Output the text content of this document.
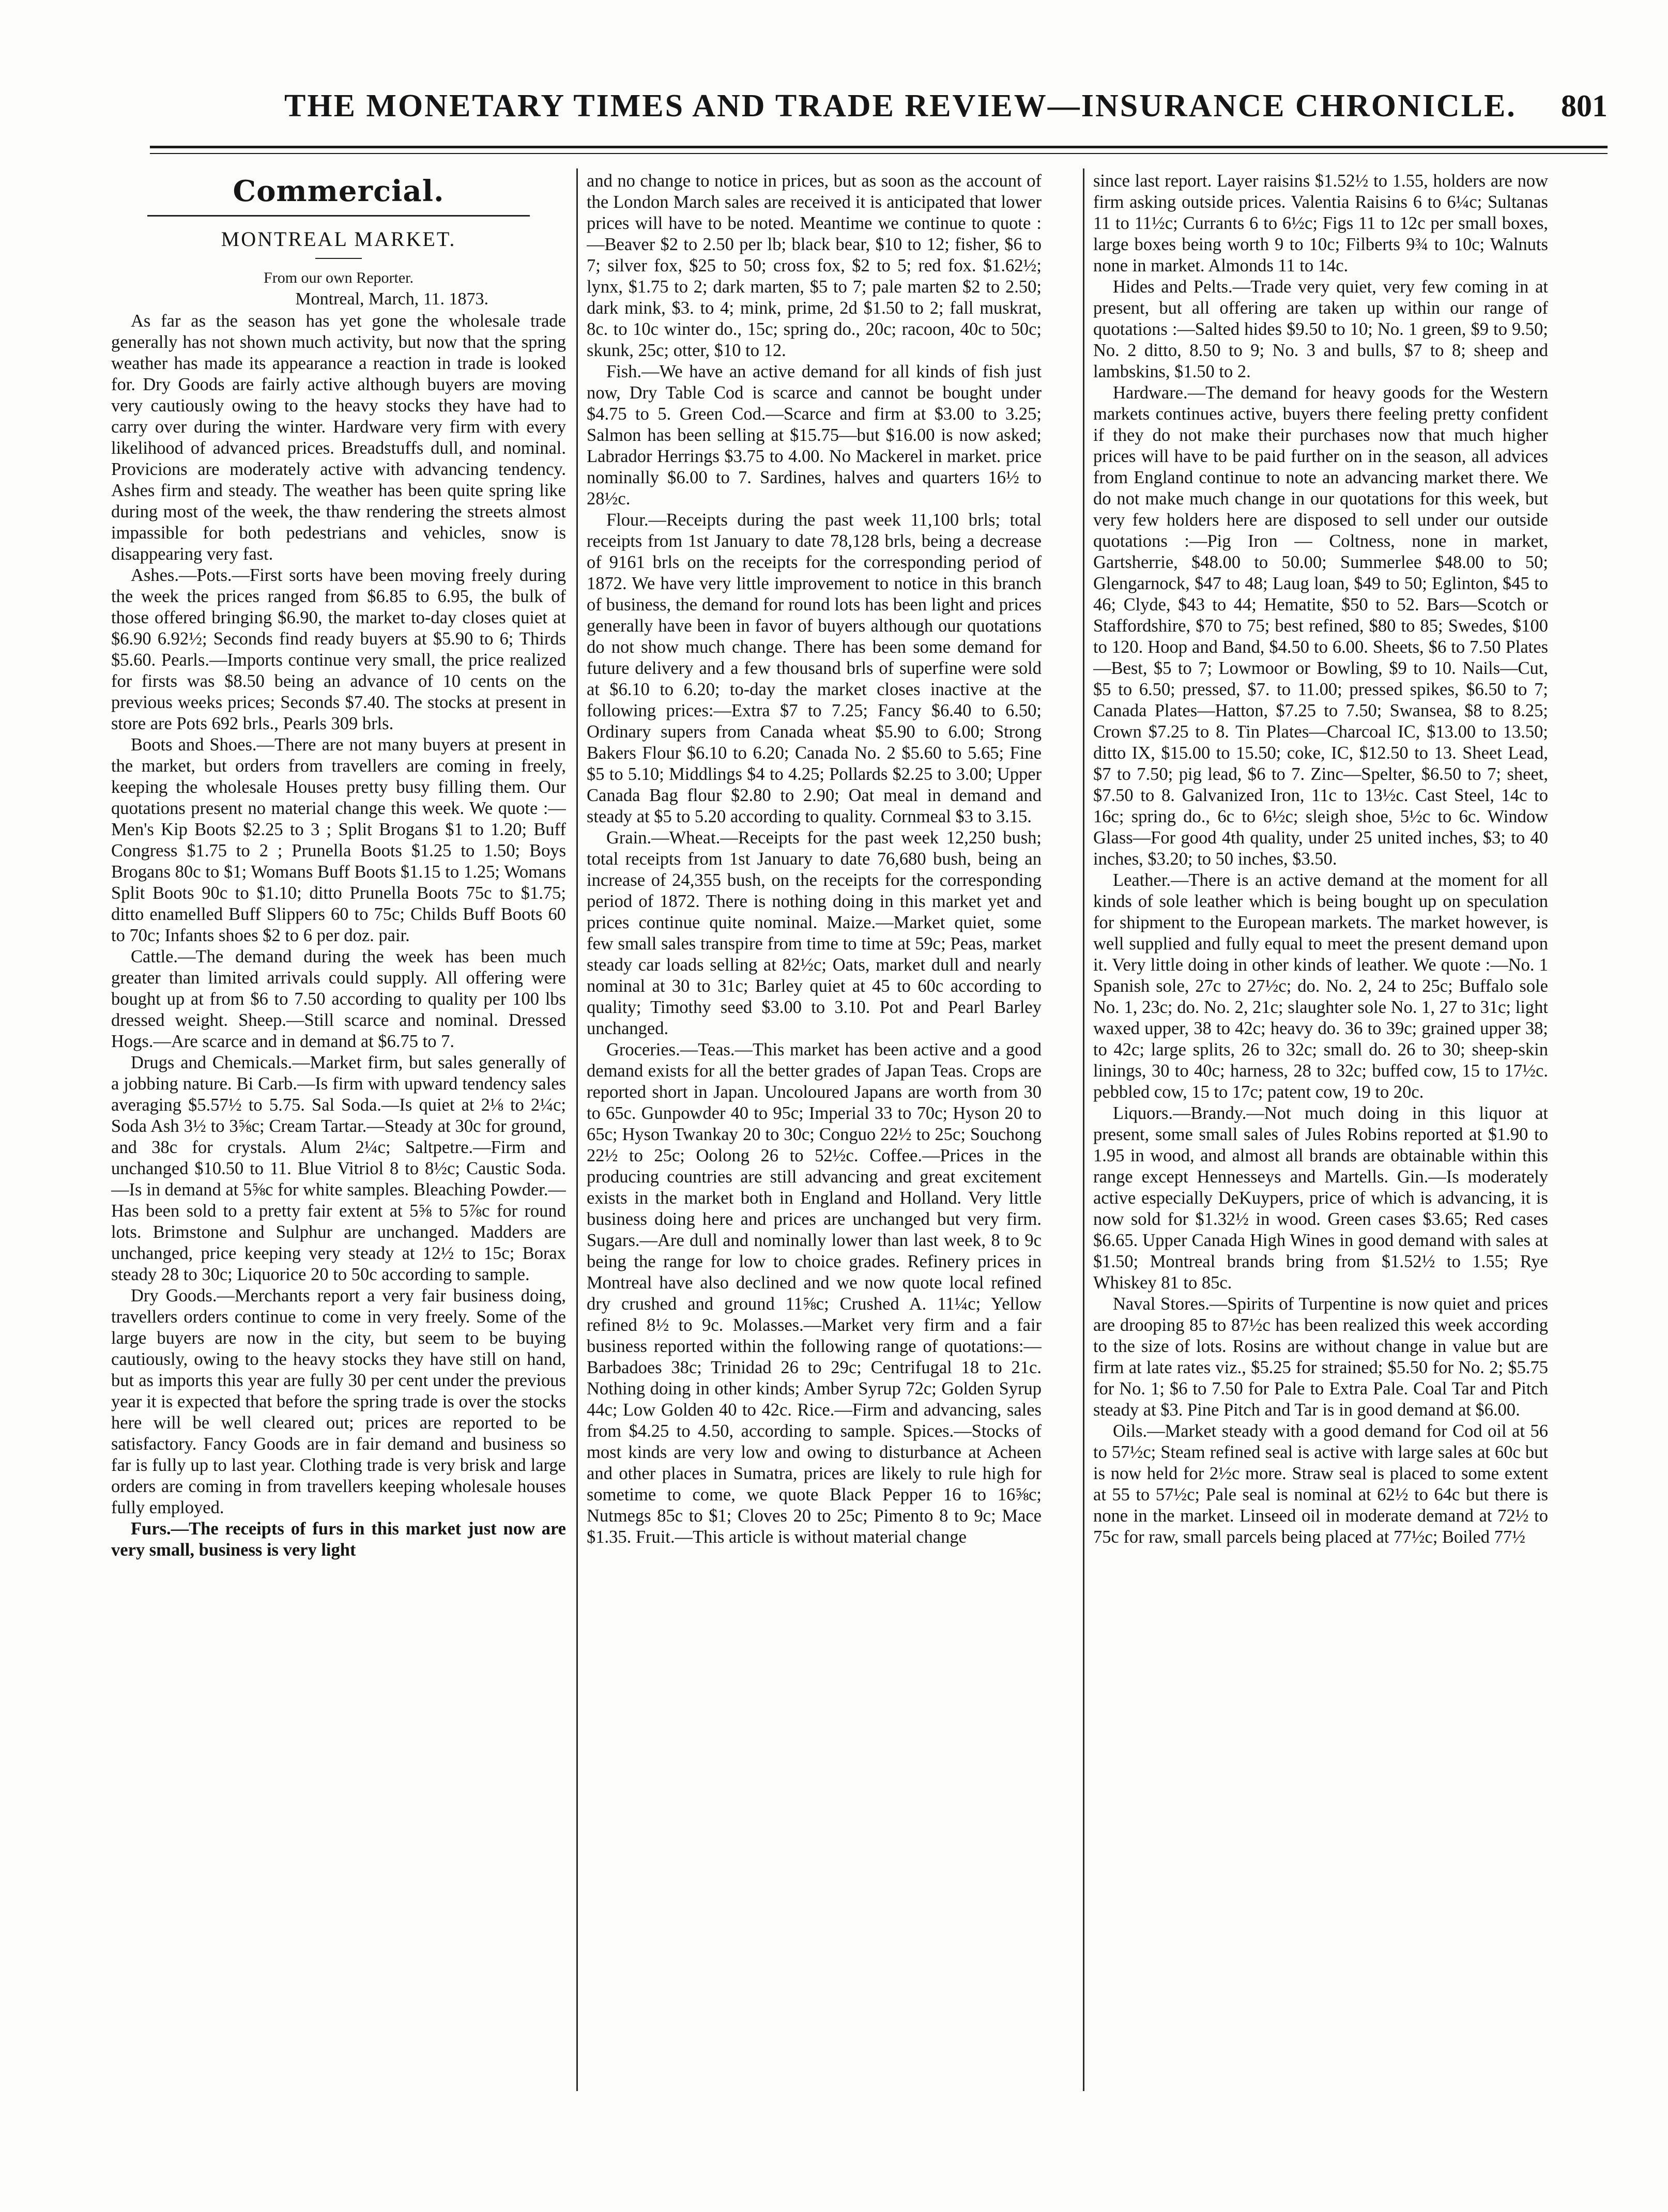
THE MONETARY TIMES AND TRADE REVIEW—INSURANCE CHRONICLE. 801
Commercial.
MONTREAL MARKET.
From our own Reporter.
Montreal, March, 11. 1873.

As far as the season has yet gone the wholesale trade generally has not shown much activity, but now that the spring weather has made its appearance a reaction in trade is looked for. Dry Goods are fairly active although buyers are moving very cautiously owing to the heavy stocks they have had to carry over during the winter. Hardware very firm with every likelihood of advanced prices. Breadstuffs dull, and nominal. Provicions are moderately active with advancing tendency. Ashes firm and steady. The weather has been quite spring like during most of the week, the thaw rendering the streets almost impassible for both pedestrians and vehicles, snow is disappearing very fast.

Ashes.—Pots.—First sorts have been moving freely during the week the prices ranged from $6.85 to 6.95, the bulk of those offered bringing $6.90, the market to-day closes quiet at $6.90 6.92½; Seconds find ready buyers at $5.90 to 6; Thirds $5.60. Pearls.—Imports continue very small, the price realized for firsts was $8.50 being an advance of 10 cents on the previous weeks prices; Seconds $7.40. The stocks at present in store are Pots 692 brls., Pearls 309 brls.

Boots and Shoes.—There are not many buyers at present in the market, but orders from travellers are coming in freely, keeping the wholesale Houses pretty busy filling them. Our quotations present no material change this week. We quote :—Men's Kip Boots $2.25 to 3 ; Split Brogans $1 to 1.20; Buff Congress $1.75 to 2 ; Prunella Boots $1.25 to 1.50; Boys Brogans 80c to $1; Womans Buff Boots $1.15 to 1.25; Womans Split Boots 90c to $1.10; ditto Prunella Boots 75c to $1.75; ditto enamelled Buff Slippers 60 to 75c; Childs Buff Boots 60 to 70c; Infants shoes $2 to 6 per doz. pair.

Cattle.—The demand during the week has been much greater than limited arrivals could supply. All offering were bought up at from $6 to 7.50 according to quality per 100 lbs dressed weight. Sheep.—Still scarce and nominal. Dressed Hogs.—Are scarce and in demand at $6.75 to 7.

Drugs and Chemicals.—Market firm, but sales generally of a jobbing nature. Bi Carb.—Is firm with upward tendency sales averaging $5.57½ to 5.75. Sal Soda.—Is quiet at 2⅛ to 2¼c; Soda Ash 3½ to 3⅝c; Cream Tartar.—Steady at 30c for ground, and 38c for crystals. Alum 2¼c; Saltpetre.—Firm and unchanged $10.50 to 11. Blue Vitriol 8 to 8½c; Caustic Soda.—Is in demand at 5⅝c for white samples. Bleaching Powder.—Has been sold to a pretty fair extent at 5⅝ to 5⅞c for round lots. Brimstone and Sulphur are unchanged. Madders are unchanged, price keeping very steady at 12½ to 15c; Borax steady 28 to 30c; Liquorice 20 to 50c according to sample.

Dry Goods.—Merchants report a very fair business doing, travellers orders continue to come in very freely. Some of the large buyers are now in the city, but seem to be buying cautiously, owing to the heavy stocks they have still on hand, but as imports this year are fully 30 per cent under the previous year it is expected that before the spring trade is over the stocks here will be well cleared out; prices are reported to be satisfactory. Fancy Goods are in fair demand and business so far is fully up to last year. Clothing trade is very brisk and large orders are coming in from travellers keeping wholesale houses fully employed.

Furs.—The receipts of furs in this market just now are very small, business is very light

and no change to notice in prices, but as soon as the account of the London March sales are received it is anticipated that lower prices will have to be noted. Meantime we continue to quote :—Beaver $2 to 2.50 per lb; black bear, $10 to 12; fisher, $6 to 7; silver fox, $25 to 50; cross fox, $2 to 5; red fox. $1.62½; lynx, $1.75 to 2; dark marten, $5 to 7; pale marten $2 to 2.50; dark mink, $3. to 4; mink, prime, 2d $1.50 to 2; fall muskrat, 8c. to 10c winter do., 15c; spring do., 20c; racoon, 40c to 50c; skunk, 25c; otter, $10 to 12.

Fish.—We have an active demand for all kinds of fish just now, Dry Table Cod is scarce and cannot be bought under $4.75 to 5. Green Cod.—Scarce and firm at $3.00 to 3.25; Salmon has been selling at $15.75—but $16.00 is now asked; Labrador Herrings $3.75 to 4.00. No Mackerel in market. price nominally $6.00 to 7. Sardines, halves and quarters 16½ to 28½c.

Flour.—Receipts during the past week 11,100 brls; total receipts from 1st January to date 78,128 brls, being a decrease of 9161 brls on the receipts for the corresponding period of 1872. We have very little improvement to notice in this branch of business, the demand for round lots has been light and prices generally have been in favor of buyers although our quotations do not show much change. There has been some demand for future delivery and a few thousand brls of superfine were sold at $6.10 to 6.20; to-day the market closes inactive at the following prices:—Extra $7 to 7.25; Fancy $6.40 to 6.50; Ordinary supers from Canada wheat $5.90 to 6.00; Strong Bakers Flour $6.10 to 6.20; Canada No. 2 $5.60 to 5.65; Fine $5 to 5.10; Middlings $4 to 4.25; Pollards $2.25 to 3.00; Upper Canada Bag flour $2.80 to 2.90; Oat meal in demand and steady at $5 to 5.20 according to quality. Cornmeal $3 to 3.15.

Grain.—Wheat.—Receipts for the past week 12,250 bush; total receipts from 1st January to date 76,680 bush, being an increase of 24,355 bush, on the receipts for the corresponding period of 1872. There is nothing doing in this market yet and prices continue quite nominal. Maize.—Market quiet, some few small sales transpire from time to time at 59c; Peas, market steady car loads selling at 82½c; Oats, market dull and nearly nominal at 30 to 31c; Barley quiet at 45 to 60c according to quality; Timothy seed $3.00 to 3.10. Pot and Pearl Barley unchanged.

Groceries.—Teas.—This market has been active and a good demand exists for all the better grades of Japan Teas. Crops are reported short in Japan. Uncoloured Japans are worth from 30 to 65c. Gunpowder 40 to 95c; Imperial 33 to 70c; Hyson 20 to 65c; Hyson Twankay 20 to 30c; Conguo 22½ to 25c; Souchong 22½ to 25c; Oolong 26 to 52½c. Coffee.—Prices in the producing countries are still advancing and great excitement exists in the market both in England and Holland. Very little business doing here and prices are unchanged but very firm. Sugars.—Are dull and nominally lower than last week, 8 to 9c being the range for low to choice grades. Refinery prices in Montreal have also declined and we now quote local refined dry crushed and ground 11⅝c; Crushed A. 11¼c; Yellow refined 8½ to 9c. Molasses.—Market very firm and a fair business reported within the following range of quotations:—Barbadoes 38c; Trinidad 26 to 29c; Centrifugal 18 to 21c. Nothing doing in other kinds; Amber Syrup 72c; Golden Syrup 44c; Low Golden 40 to 42c. Rice.—Firm and advancing, sales from $4.25 to 4.50, according to sample. Spices.—Stocks of most kinds are very low and owing to disturbance at Acheen and other places in Sumatra, prices are likely to rule high for sometime to come, we quote Black Pepper 16 to 16⅝c; Nutmegs 85c to $1; Cloves 20 to 25c; Pimento 8 to 9c; Mace $1.35. Fruit.—This article is without material change

since last report. Layer raisins $1.52½ to 1.55, holders are now firm asking outside prices. Valentia Raisins 6 to 6¼c; Sultanas 11 to 11½c; Currants 6 to 6½c; Figs 11 to 12c per small boxes, large boxes being worth 9 to 10c; Filberts 9¾ to 10c; Walnuts none in market. Almonds 11 to 14c.

Hides and Pelts.—Trade very quiet, very few coming in at present, but all offering are taken up within our range of quotations :—Salted hides $9.50 to 10; No. 1 green, $9 to 9.50; No. 2 ditto, 8.50 to 9; No. 3 and bulls, $7 to 8; sheep and lambskins, $1.50 to 2.

Hardware.—The demand for heavy goods for the Western markets continues active, buyers there feeling pretty confident if they do not make their purchases now that much higher prices will have to be paid further on in the season, all advices from England continue to note an advancing market there. We do not make much change in our quotations for this week, but very few holders here are disposed to sell under our outside quotations :—Pig Iron — Coltness, none in market, Gartsherrie, $48.00 to 50.00; Summerlee $48.00 to 50; Glengarnock, $47 to 48; Laug loan, $49 to 50; Eglinton, $45 to 46; Clyde, $43 to 44; Hematite, $50 to 52. Bars—Scotch or Staffordshire, $70 to 75; best refined, $80 to 85; Swedes, $100 to 120. Hoop and Band, $4.50 to 6.00. Sheets, $6 to 7.50 Plates—Best, $5 to 7; Lowmoor or Bowling, $9 to 10. Nails—Cut, $5 to 6.50; pressed, $7. to 11.00; pressed spikes, $6.50 to 7; Canada Plates—Hatton, $7.25 to 7.50; Swansea, $8 to 8.25; Crown $7.25 to 8. Tin Plates—Charcoal IC, $13.00 to 13.50; ditto IX, $15.00 to 15.50; coke, IC, $12.50 to 13. Sheet Lead, $7 to 7.50; pig lead, $6 to 7. Zinc—Spelter, $6.50 to 7; sheet, $7.50 to 8. Galvanized Iron, 11c to 13½c. Cast Steel, 14c to 16c; spring do., 6c to 6½c; sleigh shoe, 5½c to 6c. Window Glass—For good 4th quality, under 25 united inches, $3; to 40 inches, $3.20; to 50 inches, $3.50.

Leather.—There is an active demand at the moment for all kinds of sole leather which is being bought up on speculation for shipment to the European markets. The market however, is well supplied and fully equal to meet the present demand upon it. Very little doing in other kinds of leather. We quote :—No. 1 Spanish sole, 27c to 27½c; do. No. 2, 24 to 25c; Buffalo sole No. 1, 23c; do. No. 2, 21c; slaughter sole No. 1, 27 to 31c; light waxed upper, 38 to 42c; heavy do. 36 to 39c; grained upper 38; to 42c; large splits, 26 to 32c; small do. 26 to 30; sheep-skin linings, 30 to 40c; harness, 28 to 32c; buffed cow, 15 to 17½c. pebbled cow, 15 to 17c; patent cow, 19 to 20c.

Liquors.—Brandy.—Not much doing in this liquor at present, some small sales of Jules Robins reported at $1.90 to 1.95 in wood, and almost all brands are obtainable within this range except Hennesseys and Martells. Gin.—Is moderately active especially DeKuypers, price of which is advancing, it is now sold for $1.32½ in wood. Green cases $3.65; Red cases $6.65. Upper Canada High Wines in good demand with sales at $1.50; Montreal brands bring from $1.52½ to 1.55; Rye Whiskey 81 to 85c.

Naval Stores.—Spirits of Turpentine is now quiet and prices are drooping 85 to 87½c has been realized this week according to the size of lots. Rosins are without change in value but are firm at late rates viz., $5.25 for strained; $5.50 for No. 2; $5.75 for No. 1; $6 to 7.50 for Pale to Extra Pale. Coal Tar and Pitch steady at $3. Pine Pitch and Tar is in good demand at $6.00.

Oils.—Market steady with a good demand for Cod oil at 56 to 57½c; Steam refined seal is active with large sales at 60c but is now held for 2½c more. Straw seal is placed to some extent at 55 to 57½c; Pale seal is nominal at 62½ to 64c but there is none in the market. Linseed oil in moderate demand at 72½ to 75c for raw, small parcels being placed at 77½c; Boiled 77½
